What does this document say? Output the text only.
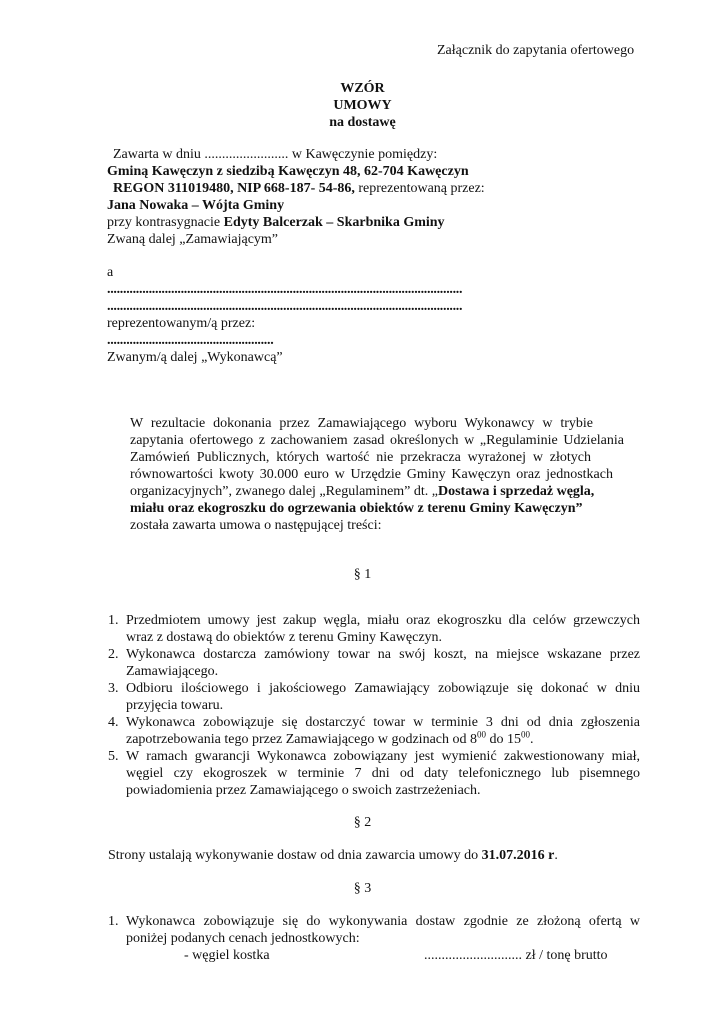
Załącznik do zapytania ofertowego
WZÓR
UMOWY
na dostawę
Zawarta w dniu ........................ w Kawęczynie pomiędzy:
Gminą Kawęczyn z siedzibą Kawęczyn 48, 62-704 Kawęczyn
REGON 311019480, NIP 668-187- 54-86, reprezentowaną przez:
Jana Nowaka – Wójta Gminy
przy kontrasygnacie Edyty Balcerzak – Skarbnika Gminy
Zwaną dalej „Zamawiającym”
a
...............................................................................................................
...............................................................................................................
reprezentowanym/ą przez:
....................................................
Zwanym/ą dalej „Wykonawcą”
W rezultacie dokonania przez Zamawiającego wyboru Wykonawcy w trybie
zapytania ofertowego z zachowaniem zasad określonych w „Regulaminie Udzielania
Zamówień Publicznych, których wartość nie przekracza wyrażonej w złotych
równowartości kwoty 30.000 euro w Urzędzie Gminy Kawęczyn oraz jednostkach
organizacyjnych”, zwanego dalej „Regulaminem” dt. „Dostawa i sprzedaż węgla,
miału oraz ekogroszku do ogrzewania obiektów z terenu Gminy Kawęczyn”
została zawarta umowa o następującej treści:
§ 1
1. Przedmiotem umowy jest zakup węgla, miału oraz ekogroszku dla celów grzewczych
wraz z dostawą do obiektów z terenu Gminy Kawęczyn.
2. Wykonawca dostarcza zamówiony towar na swój koszt, na miejsce wskazane przez
Zamawiającego.
3. Odbioru ilościowego i jakościowego Zamawiający zobowiązuje się dokonać w dniu
przyjęcia towaru.
4. Wykonawca zobowiązuje się dostarczyć towar w terminie 3 dni od dnia zgłoszenia
zapotrzebowania tego przez Zamawiającego w godzinach od $8^{00}$ do $15^{00}$.
5. W ramach gwarancji Wykonawca zobowiązany jest wymienić zakwestionowany miał,
węgiel czy ekogroszek w terminie 7 dni od daty telefonicznego lub pisemnego
powiadomienia przez Zamawiającego o swoich zastrzeżeniach.
§ 2
Strony ustalają wykonywanie dostaw od dnia zawarcia umowy do 31.07.2016 r.
§ 3
1. Wykonawca zobowiązuje się do wykonywania dostaw zgodnie ze złożoną ofertą w
poniżej podanych cenach jednostkowych:
- węgiel kostka	............................ zł / tonę brutto
